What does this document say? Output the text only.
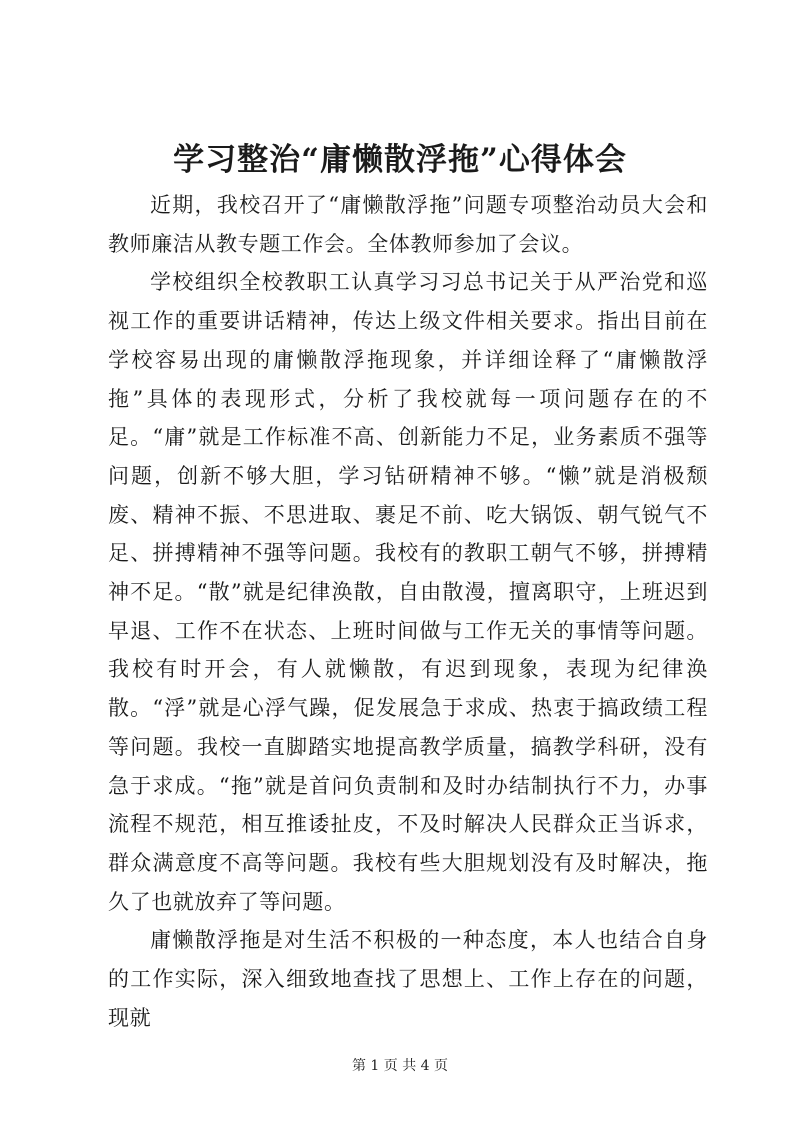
学习整治“庸懒散浮拖”心得体会

近期，我校召开了“庸懒散浮拖”问题专项整治动员大会和教师廉洁从教专题工作会。全体教师参加了会议。

学校组织全校教职工认真学习习总书记关于从严治党和巡视工作的重要讲话精神，传达上级文件相关要求。指出目前在学校容易出现的庸懒散浮拖现象，并详细诠释了“庸懒散浮拖”具体的表现形式，分析了我校就每一项问题存在的不足。“庸”就是工作标准不高、创新能力不足，业务素质不强等问题，创新不够大胆，学习钻研精神不够。“懒”就是消极颓废、精神不振、不思进取、裹足不前、吃大锅饭、朝气锐气不足、拼搏精神不强等问题。我校有的教职工朝气不够，拼搏精神不足。“散”就是纪律涣散，自由散漫，擅离职守，上班迟到早退、工作不在状态、上班时间做与工作无关的事情等问题。我校有时开会，有人就懒散，有迟到现象，表现为纪律涣散。“浮”就是心浮气躁，促发展急于求成、热衷于搞政绩工程等问题。我校一直脚踏实地提高教学质量，搞教学科研，没有急于求成。“拖”就是首问负责制和及时办结制执行不力，办事流程不规范，相互推诿扯皮，不及时解决人民群众正当诉求，群众满意度不高等问题。我校有些大胆规划没有及时解决，拖久了也就放弃了等问题。

庸懒散浮拖是对生活不积极的一种态度，本人也结合自身的工作实际，深入细致地查找了思想上、工作上存在的问题，现就

第 1 页 共 4 页
